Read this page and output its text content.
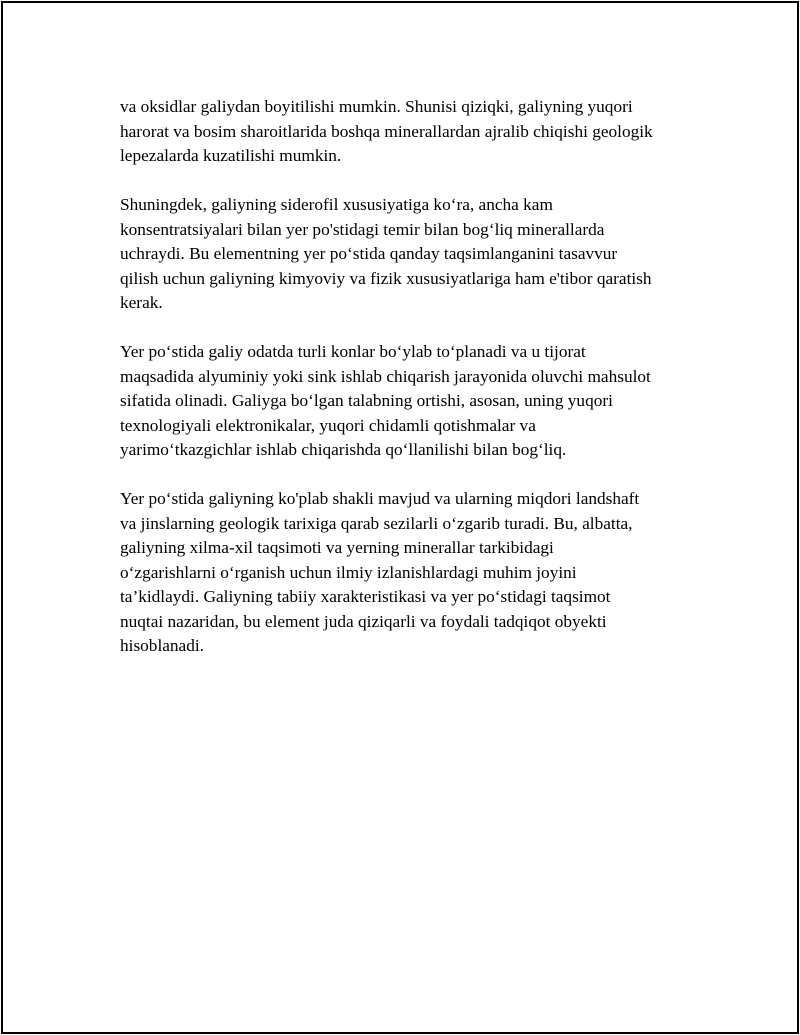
va oksidlar galiydan boyitilishi mumkin. Shunisi qiziqki, galiyning yuqori
harorat va bosim sharoitlarida boshqa minerallardan ajralib chiqishi geologik
lepezalarda kuzatilishi mumkin.

Shuningdek, galiyning siderofil xususiyatiga ko‘ra, ancha kam
konsentratsiyalari bilan yer po'stidagi temir bilan bog‘liq minerallarda
uchraydi. Bu elementning yer po‘stida qanday taqsimlanganini tasavvur
qilish uchun galiyning kimyoviy va fizik xususiyatlariga ham e'tibor qaratish
kerak.

Yer po‘stida galiy odatda turli konlar bo‘ylab to‘planadi va u tijorat
maqsadida alyuminiy yoki sink ishlab chiqarish jarayonida oluvchi mahsulot
sifatida olinadi. Galiyga bo‘lgan talabning ortishi, asosan, uning yuqori
texnologiyali elektronikalar, yuqori chidamli qotishmalar va
yarimo‘tkazgichlar ishlab chiqarishda qo‘llanilishi bilan bog‘liq.

Yer po‘stida galiyning ko'plab shakli mavjud va ularning miqdori landshaft
va jinslarning geologik tarixiga qarab sezilarli o‘zgarib turadi. Bu, albatta,
galiyning xilma-xil taqsimoti va yerning minerallar tarkibidagi
o‘zgarishlarni o‘rganish uchun ilmiy izlanishlardagi muhim joyini
ta’kidlaydi. Galiyning tabiiy xarakteristikasi va yer po‘stidagi taqsimot
nuqtai nazaridan, bu element juda qiziqarli va foydali tadqiqot obyekti
hisoblanadi.
